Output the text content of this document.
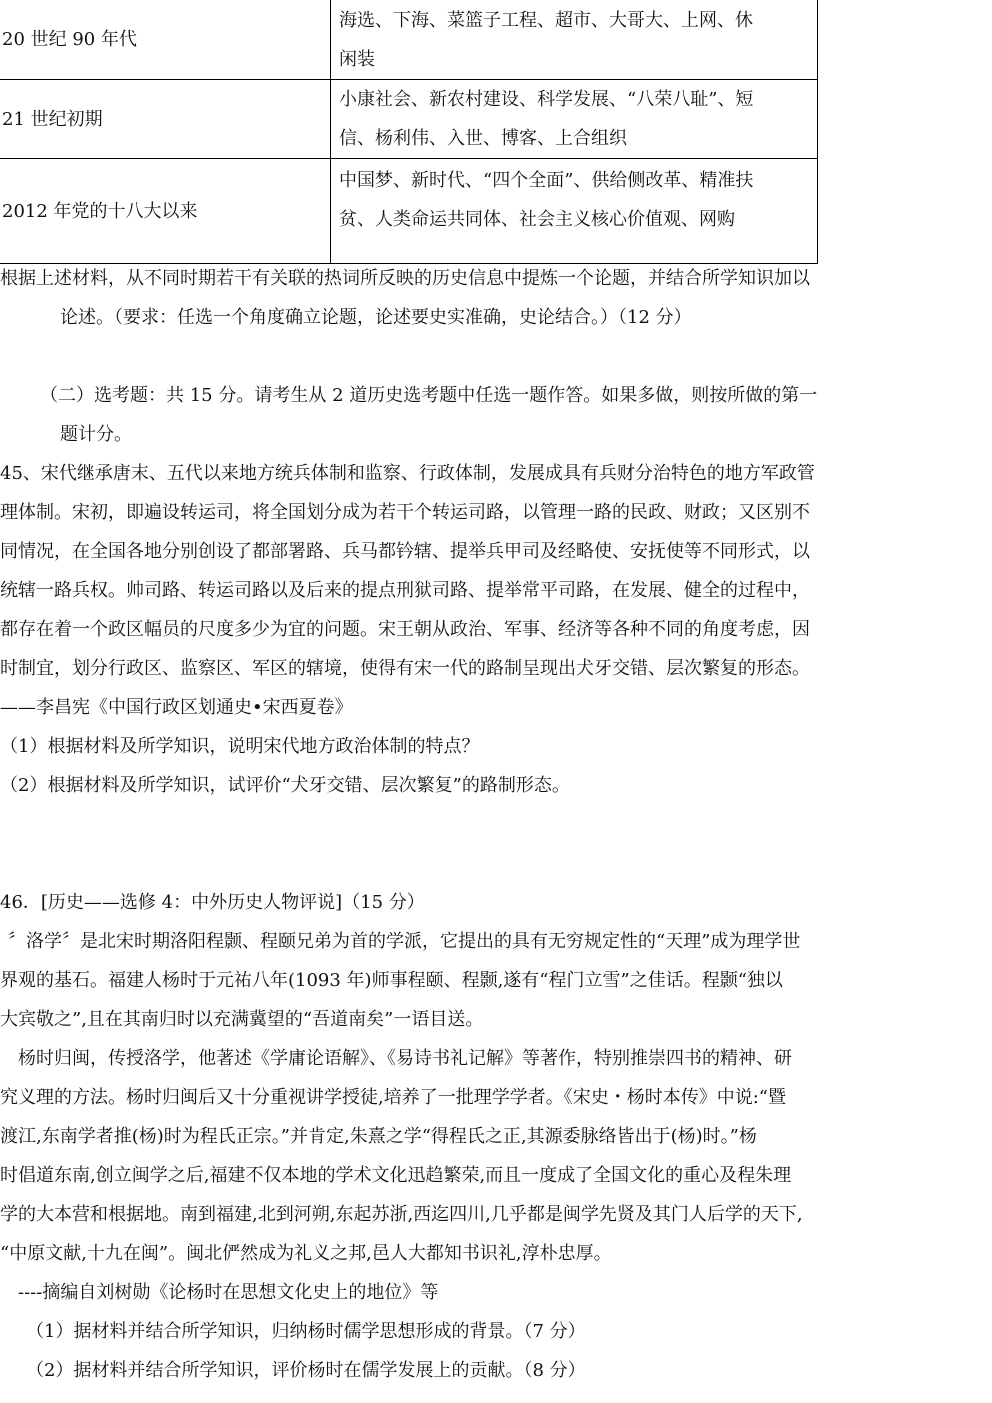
20 世纪 90 年代	海选、下海、菜篮子工程、超市、大哥大、上网、休
闲装
21 世纪初期	小康社会、新农村建设、科学发展、“八荣八耻”、短
信、杨利伟、入世、博客、上合组织
2012 年党的十八大以来	中国梦、新时代、“四个全面”、供给侧改革、精准扶
贫、人类命运共同体、社会主义核心价值观、网购
根据上述材料，从不同时期若干有关联的热词所反映的历史信息中提炼一个论题，并结合所学知识加以
论述。（要求：任选一个角度确立论题，论述要史实准确，史论结合。）（12 分）
（二）选考题：共 15 分。请考生从 2 道历史选考题中任选一题作答。如果多做，则按所做的第一
题计分。
45、宋代继承唐末、五代以来地方统兵体制和监察、行政体制，发展成具有兵财分治特色的地方军政管
理体制。宋初，即遍设转运司，将全国划分成为若干个转运司路，以管理一路的民政、财政；又区别不
同情况，在全国各地分别创设了都部署路、兵马都钤辖、提举兵甲司及经略使、安抚使等不同形式，以
统辖一路兵权。帅司路、转运司路以及后来的提点刑狱司路、提举常平司路，在发展、健全的过程中，
都存在着一个政区幅员的尺度多少为宜的问题。宋王朝从政治、军事、经济等各种不同的角度考虑，因
时制宜，划分行政区、监察区、军区的辖境，使得有宋一代的路制呈现出犬牙交错、层次繁复的形态。
——李昌宪《中国行政区划通史•宋西夏卷》
（1）根据材料及所学知识，说明宋代地方政治体制的特点？
（2）根据材料及所学知识，试评价“犬牙交错、层次繁复”的路制形态。
46．[历史——选修 4：中外历史人物评说]（15 分）
〞洛学〞是北宋时期洛阳程颢、程颐兄弟为首的学派，它提出的具有无穷规定性的“天理”成为理学世
界观的基石。福建人杨时于元祐八年(1093 年)师事程颐、程颢,遂有“程门立雪”之佳话。程颢“独以
大宾敬之”,且在其南归时以充满冀望的“吾道南矣”一语目送。
杨时归闽，传授洛学，他著述《学庸论语解》、《易诗书礼记解》等著作，特别推崇四书的精神、研
究义理的方法。杨时归闽后又十分重视讲学授徒,培养了一批理学学者。《宋史・杨时本传》中说:“暨
渡江,东南学者推(杨)时为程氏正宗。”并肯定,朱熹之学“得程氏之正,其源委脉络皆出于(杨)时。”杨
时倡道东南,创立闽学之后,福建不仅本地的学术文化迅趋繁荣,而且一度成了全国文化的重心及程朱理
学的大本营和根据地。南到福建,北到河朔,东起苏浙,西迄四川,几乎都是闽学先贤及其门人后学的天下,
“中原文献,十九在闽”。闽北俨然成为礼义之邦,邑人大都知书识礼,淳朴忠厚。
----摘编自刘树勋《论杨时在思想文化史上的地位》等
（1）据材料并结合所学知识，归纳杨时儒学思想形成的背景。（7 分）
（2）据材料并结合所学知识，评价杨时在儒学发展上的贡献。（8 分）
